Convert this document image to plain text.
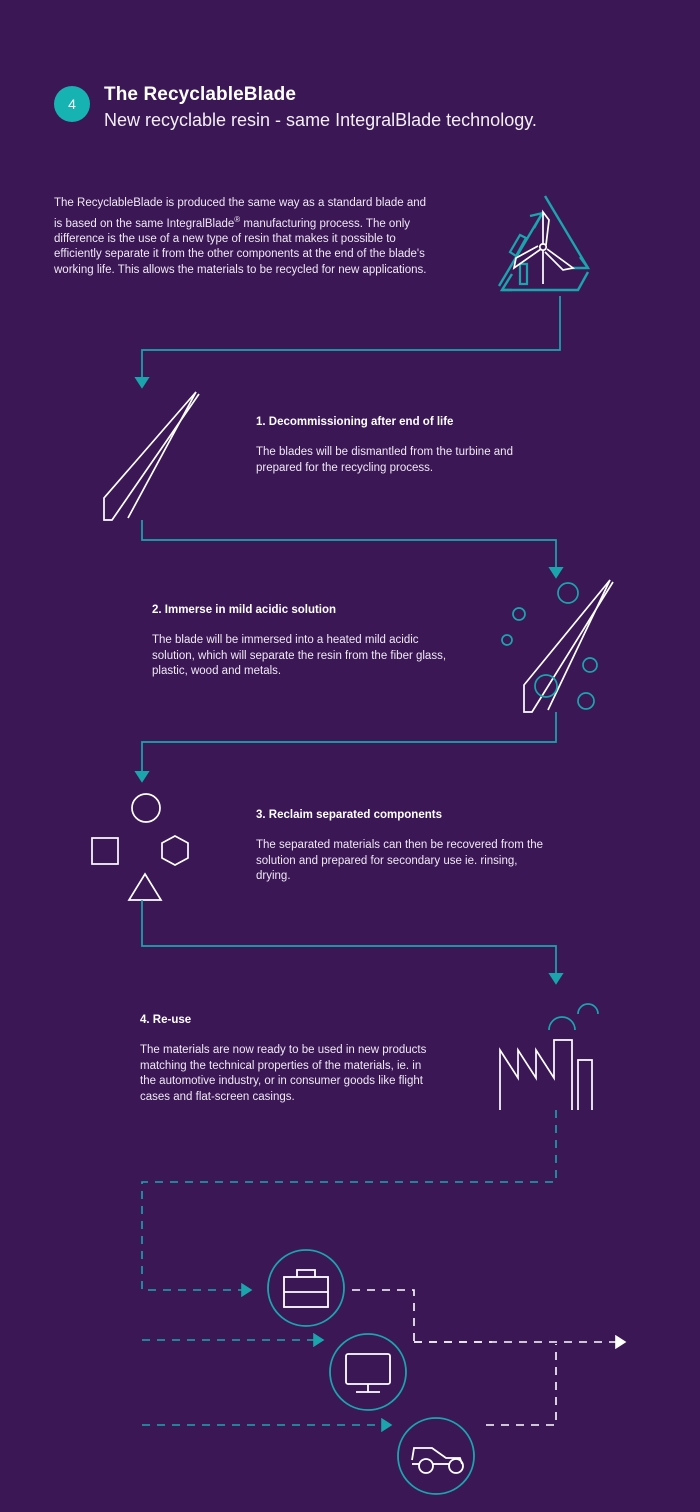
4	The RecyclableBlade
New recyclable resin - same IntegralBlade technology.
The RecyclableBlade is produced the same way as a standard blade and is based on the same IntegralBlade® manufacturing process. The only difference is the use of a new type of resin that makes it possible to efficiently separate it from the other components at the end of the blade's working life. This allows the materials to be recycled for new applications.
1. Decommissioning after end of life
The blades will be dismantled from the turbine and prepared for the recycling process.
2. Immerse in mild acidic solution
The blade will be immersed into a heated mild acidic solution, which will separate the resin from the fiber glass, plastic, wood and metals.
3. Reclaim separated components
The separated materials can then be recovered from the solution and prepared for secondary use ie. rinsing, drying.
4. Re-use
The materials are now ready to be used in new products matching the technical properties of the materials, ie. in the automotive industry, or in consumer goods like flight cases and flat-screen casings.
